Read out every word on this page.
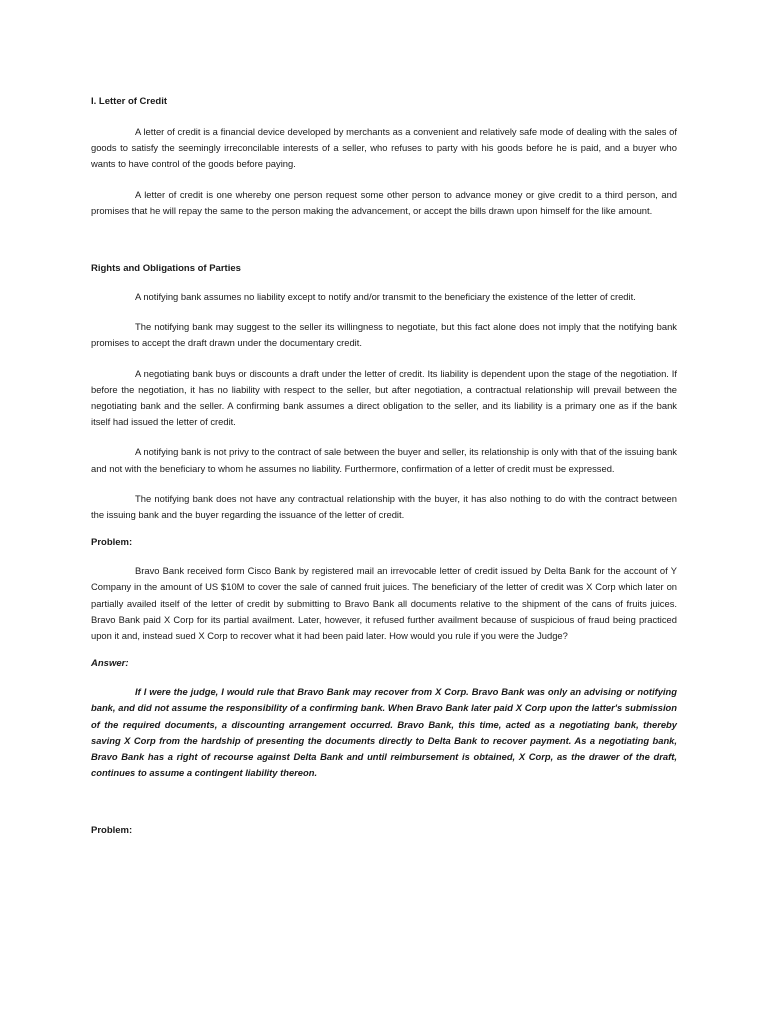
I. Letter of Credit

A letter of credit is a financial device developed by merchants as a convenient and relatively safe mode of dealing with the sales of goods to satisfy the seemingly irreconcilable interests of a seller, who refuses to party with his goods before he is paid, and a buyer who wants to have control of the goods before paying.

A letter of credit is one whereby one person request some other person to advance money or give credit to a third person, and promises that he will repay the same to the person making the advancement, or accept the bills drawn upon himself for the like amount.

Rights and Obligations of Parties

A notifying bank assumes no liability except to notify and/or transmit to the beneficiary the existence of the letter of credit.

The notifying bank may suggest to the seller its willingness to negotiate, but this fact alone does not imply that the notifying bank promises to accept the draft drawn under the documentary credit.

A negotiating bank buys or discounts a draft under the letter of credit. Its liability is dependent upon the stage of the negotiation. If before the negotiation, it has no liability with respect to the seller, but after negotiation, a contractual relationship will prevail between the negotiating bank and the seller. A confirming bank assumes a direct obligation to the seller, and its liability is a primary one as if the bank itself had issued the letter of credit.

A notifying bank is not privy to the contract of sale between the buyer and seller, its relationship is only with that of the issuing bank and not with the beneficiary to whom he assumes no liability. Furthermore, confirmation of a letter of credit must be expressed.

The notifying bank does not have any contractual relationship with the buyer, it has also nothing to do with the contract between the issuing bank and the buyer regarding the issuance of the letter of credit.

Problem:

Bravo Bank received form Cisco Bank by registered mail an irrevocable letter of credit issued by Delta Bank for the account of Y Company in the amount of US $10M to cover the sale of canned fruit juices. The beneficiary of the letter of credit was X Corp which later on partially availed itself of the letter of credit by submitting to Bravo Bank all documents relative to the shipment of the cans of fruits juices. Bravo Bank paid X Corp for its partial availment. Later, however, it refused further availment because of suspicious of fraud being practiced upon it and, instead sued X Corp to recover what it had been paid later. How would you rule if you were the Judge?

Answer:

If I were the judge, I would rule that Bravo Bank may recover from X Corp. Bravo Bank was only an advising or notifying bank, and did not assume the responsibility of a confirming bank. When Bravo Bank later paid X Corp upon the latter's submission of the required documents, a discounting arrangement occurred. Bravo Bank, this time, acted as a negotiating bank, thereby saving X Corp from the hardship of presenting the documents directly to Delta Bank to recover payment. As a negotiating bank, Bravo Bank has a right of recourse against Delta Bank and until reimbursement is obtained, X Corp, as the drawer of the draft, continues to assume a contingent liability thereon.

Problem:
